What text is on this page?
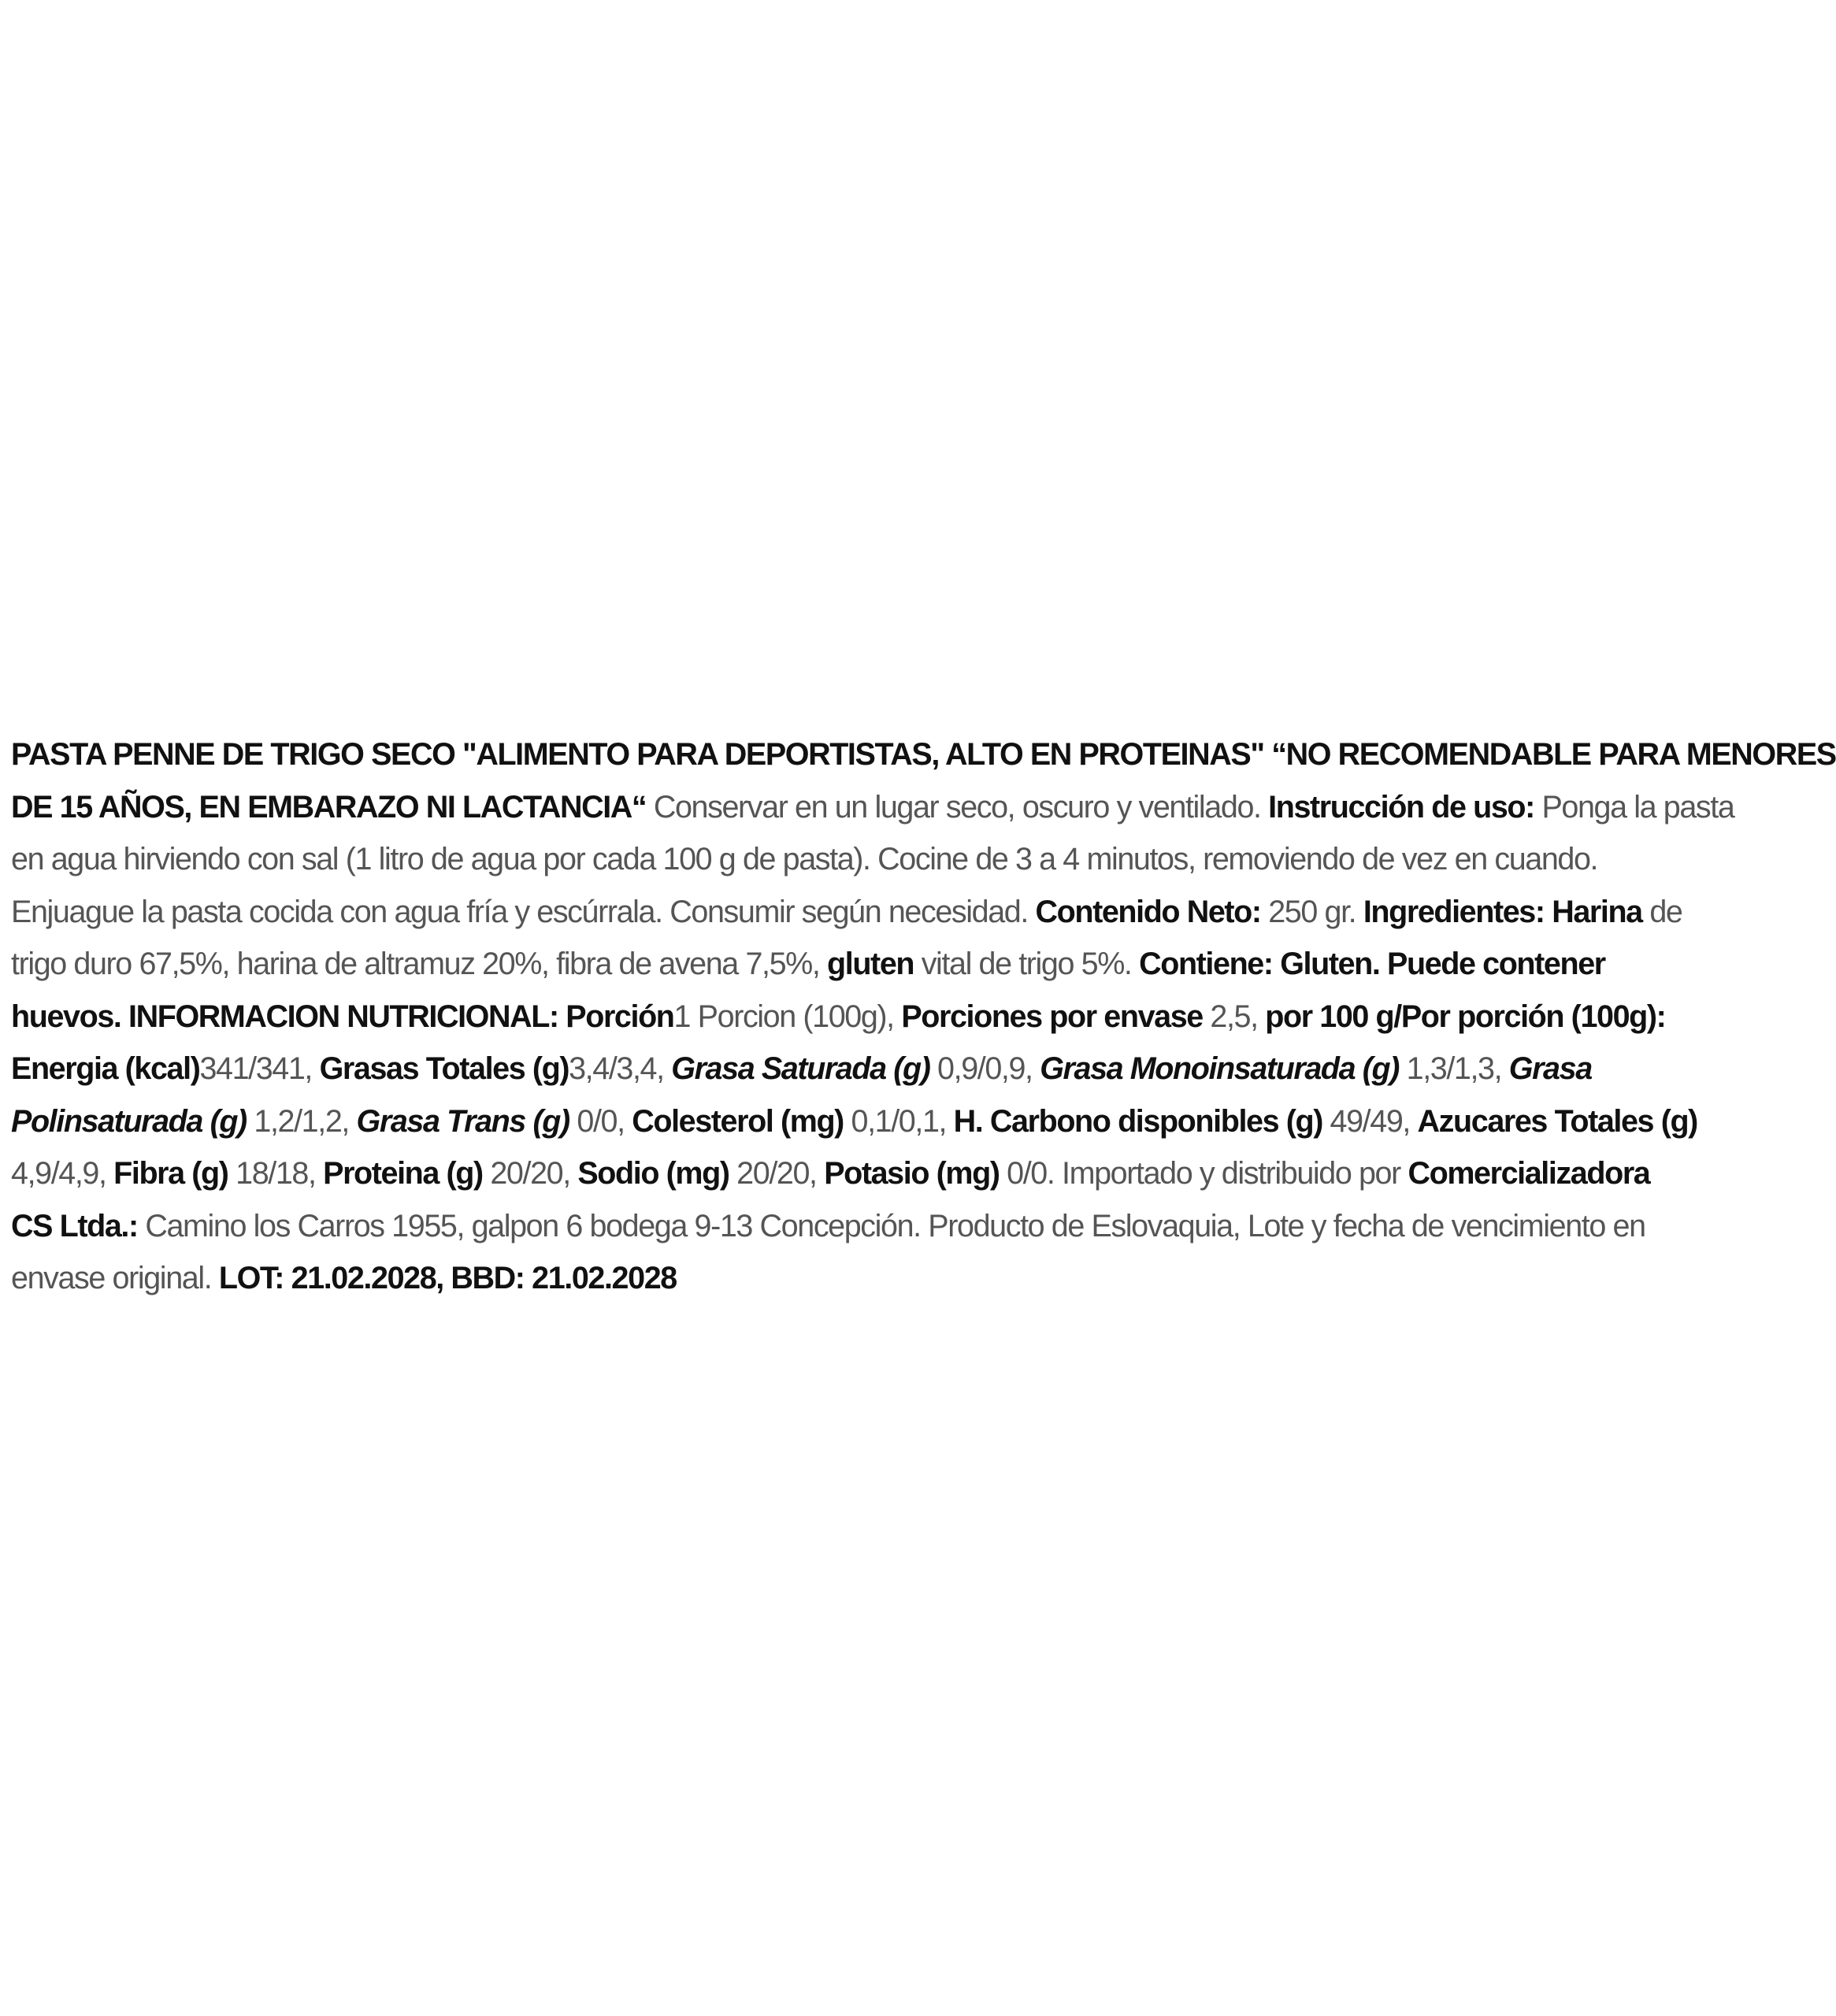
PASTA PENNE DE TRIGO SECO "ALIMENTO PARA DEPORTISTAS, ALTO EN PROTEINAS" “NO RECOMENDABLE PARA MENORES
DE 15 AÑOS, EN EMBARAZO NI LACTANCIA“ Conservar en un lugar seco, oscuro y ventilado. Instrucción de uso: Ponga la pasta
en agua hirviendo con sal (1 litro de agua por cada 100 g de pasta). Cocine de 3 a 4 minutos, removiendo de vez en cuando.
Enjuague la pasta cocida con agua fría y escúrrala. Consumir según necesidad. Contenido Neto: 250 gr. Ingredientes: Harina de
trigo duro 67,5%, harina de altramuz 20%, fibra de avena 7,5%, gluten vital de trigo 5%. Contiene: Gluten. Puede contener
huevos. INFORMACION NUTRICIONAL: Porción1 Porcion (100g), Porciones por envase 2,5, por 100 g/Por porción (100g):
Energia (kcal)341/341, Grasas Totales (g)3,4/3,4, Grasa Saturada (g) 0,9/0,9, Grasa Monoinsaturada (g) 1,3/1,3, Grasa
Polinsaturada (g) 1,2/1,2, Grasa Trans (g) 0/0, Colesterol (mg) 0,1/0,1, H. Carbono disponibles (g) 49/49, Azucares Totales (g)
4,9/4,9, Fibra (g) 18/18, Proteina (g) 20/20, Sodio (mg) 20/20, Potasio (mg) 0/0. Importado y distribuido por Comercializadora
CS Ltda.: Camino los Carros 1955, galpon 6 bodega 9-13 Concepción. Producto de Eslovaquia, Lote y fecha de vencimiento en
envase original. LOT: 21.02.2028, BBD: 21.02.2028
